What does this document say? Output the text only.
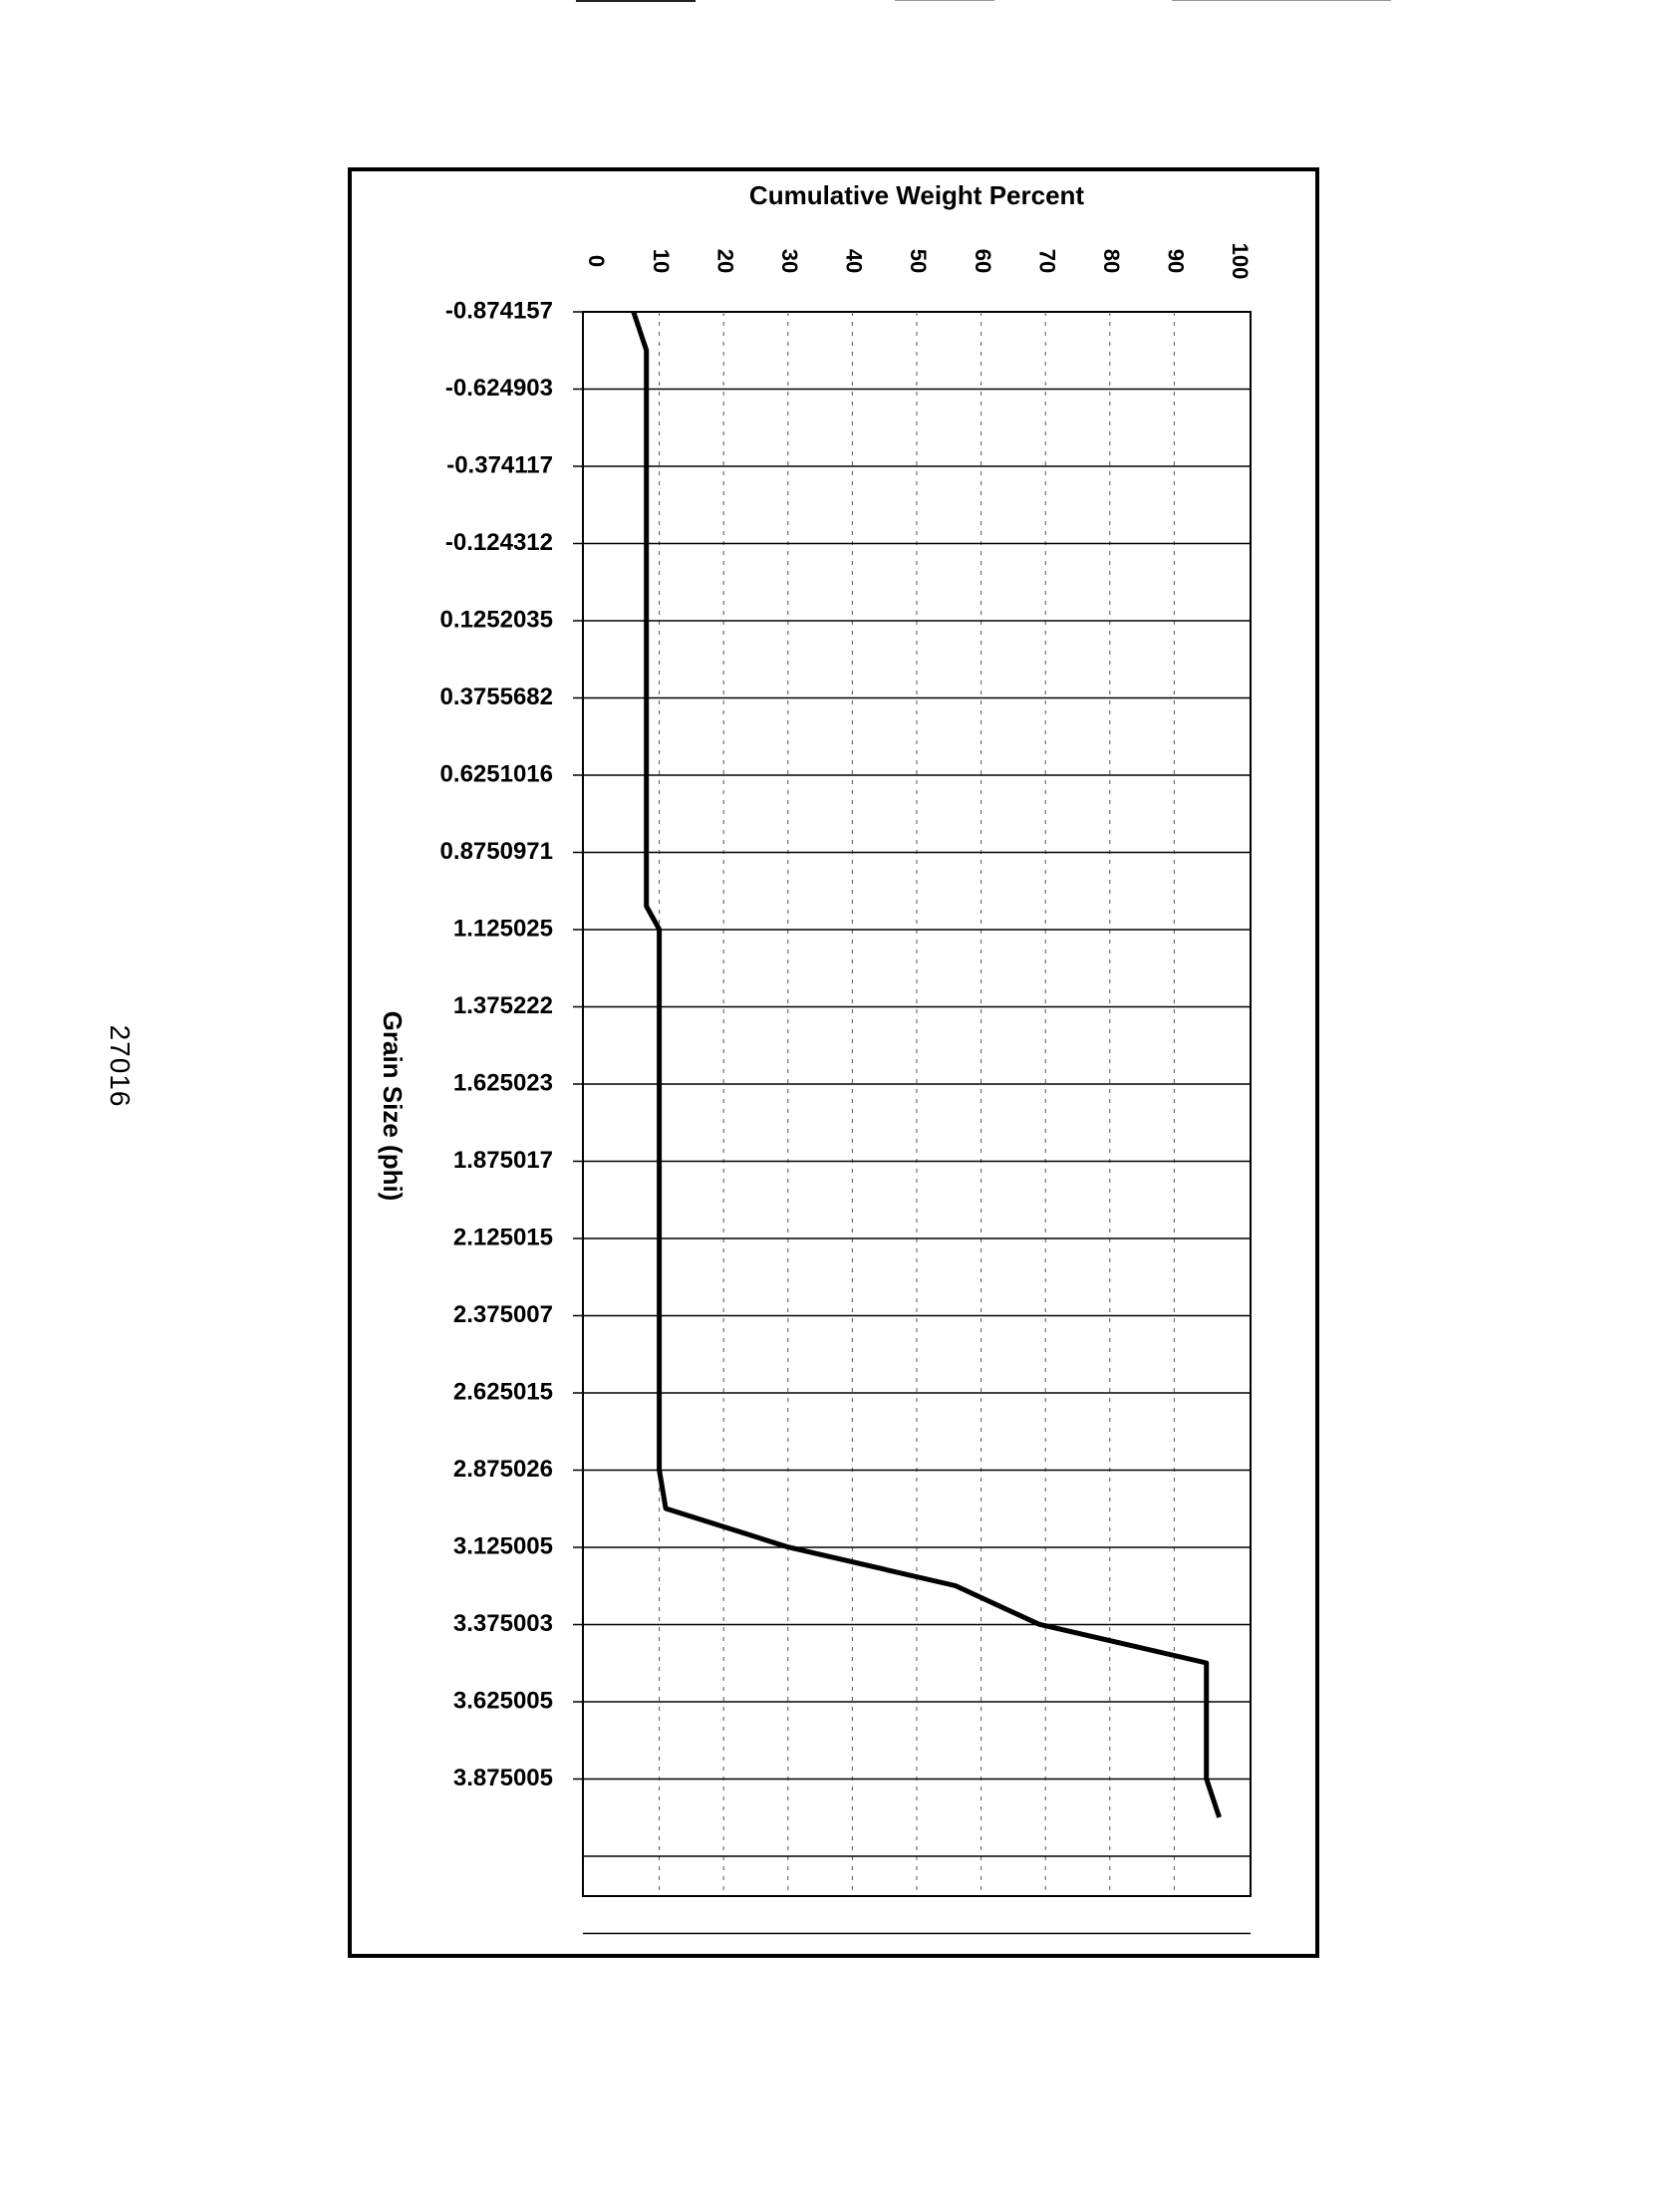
27016
0 10 20 30 40 50 60 70 80 90 100
-0.874157
-0.624903
-0.374117
-0.124312
0.1252035
0.3755682
0.6251016
0.8750971
1.125025
1.375222
1.625023
1.875017
2.125015
2.375007
2.625015
2.875026
3.125005
3.375003
3.625005
3.875005
Cumulative Weight Percent
Grain Size (phi)
